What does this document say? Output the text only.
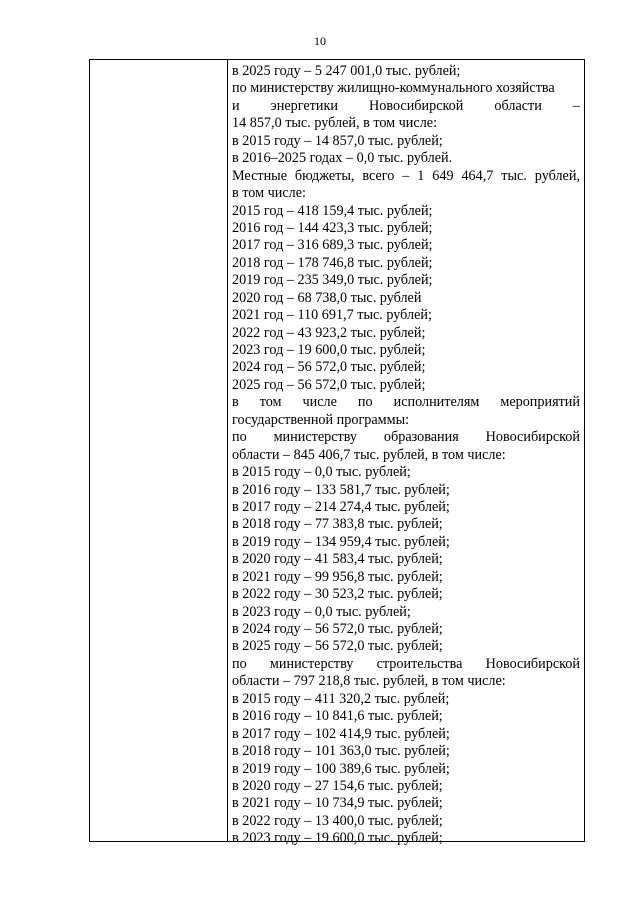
10
в 2025 году – 5 247 001,0 тыс. рублей;
по министерству жилищно-коммунального хозяйства
и энергетики Новосибирской области –
14 857,0 тыс. рублей, в том числе:
в 2015 году – 14 857,0 тыс. рублей;
в 2016–2025 годах – 0,0 тыс. рублей.
Местные бюджеты, всего – 1 649 464,7 тыс. рублей,
в том числе:
2015 год – 418 159,4 тыс. рублей;
2016 год – 144 423,3 тыс. рублей;
2017 год – 316 689,3 тыс. рублей;
2018 год – 178 746,8 тыс. рублей;
2019 год – 235 349,0 тыс. рублей;
2020 год – 68 738,0 тыс. рублей
2021 год – 110 691,7 тыс. рублей;
2022 год – 43 923,2 тыс. рублей;
2023 год – 19 600,0 тыс. рублей;
2024 год – 56 572,0 тыс. рублей;
2025 год – 56 572,0 тыс. рублей;
в том числе по исполнителям мероприятий
государственной программы:
по министерству образования Новосибирской
области – 845 406,7 тыс. рублей, в том числе:
в 2015 году – 0,0 тыс. рублей;
в 2016 году – 133 581,7 тыс. рублей;
в 2017 году – 214 274,4 тыс. рублей;
в 2018 году – 77 383,8 тыс. рублей;
в 2019 году – 134 959,4 тыс. рублей;
в 2020 году – 41 583,4 тыс. рублей;
в 2021 году – 99 956,8 тыс. рублей;
в 2022 году – 30 523,2 тыс. рублей;
в 2023 году – 0,0 тыс. рублей;
в 2024 году – 56 572,0 тыс. рублей;
в 2025 году – 56 572,0 тыс. рублей;
по министерству строительства Новосибирской
области – 797 218,8 тыс. рублей, в том числе:
в 2015 году – 411 320,2 тыс. рублей;
в 2016 году – 10 841,6 тыс. рублей;
в 2017 году – 102 414,9 тыс. рублей;
в 2018 году – 101 363,0 тыс. рублей;
в 2019 году – 100 389,6 тыс. рублей;
в 2020 году – 27 154,6 тыс. рублей;
в 2021 году – 10 734,9 тыс. рублей;
в 2022 году – 13 400,0 тыс. рублей;
в 2023 году – 19 600,0 тыс. рублей;
